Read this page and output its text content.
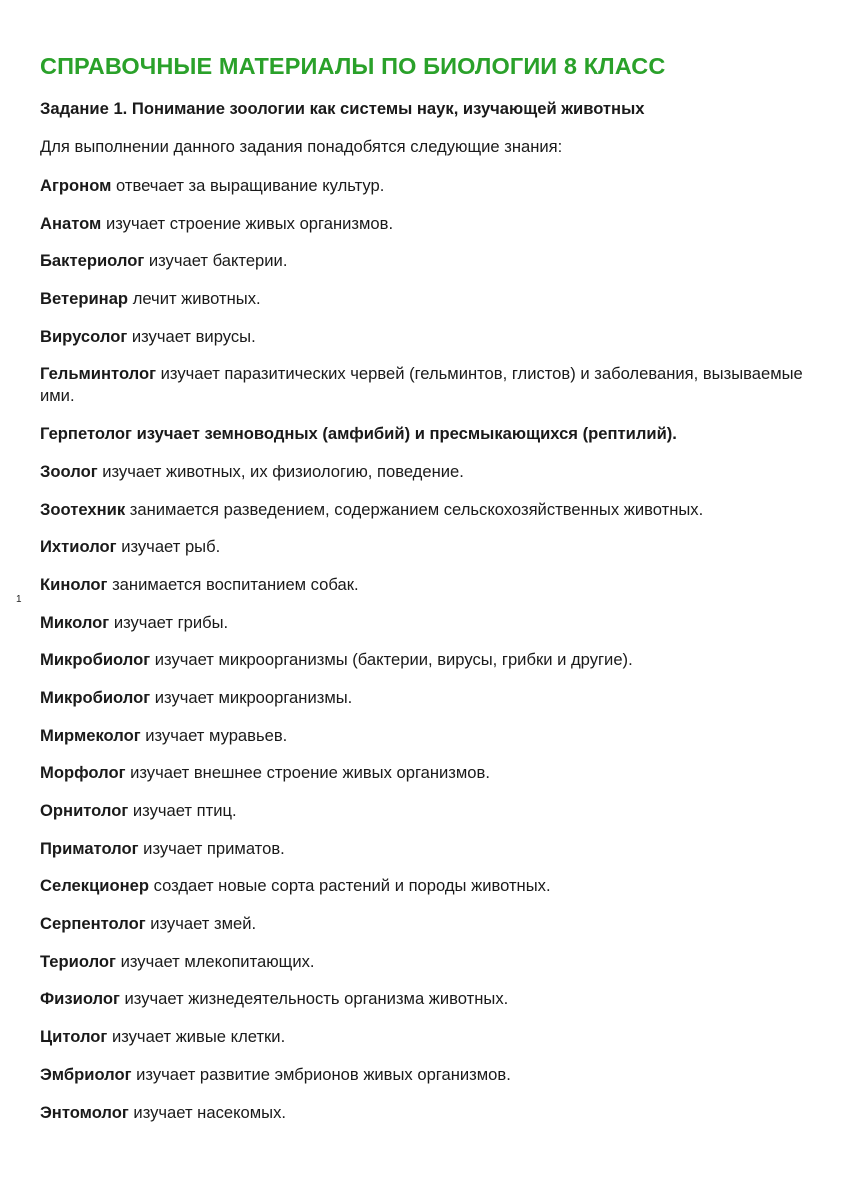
СПРАВОЧНЫЕ МАТЕРИАЛЫ ПО БИОЛОГИИ 8 КЛАСС
Задание 1. Понимание зоологии как системы наук, изучающей животных
Для выполнении данного задания понадобятся следующие знания:
1
Агроном отвечает за выращивание культур.
Анатом изучает строение живых организмов.
Бактериолог изучает бактерии.
Ветеринар лечит животных.
Вирусолог изучает вирусы.
Гельминтолог изучает паразитических червей (гельминтов, глистов) и заболевания, вызываемые ими.
Герпетолог изучает земноводных (амфибий) и пресмыкающихся (рептилий).
Зоолог изучает животных, их физиологию, поведение.
Зоотехник занимается разведением, содержанием сельскохозяйственных животных.
Ихтиолог изучает рыб.
Кинолог занимается воспитанием собак.
Миколог изучает грибы.
Микробиолог изучает микроорганизмы (бактерии, вирусы, грибки и другие).
Микробиолог изучает микроорганизмы.
Мирмеколог изучает муравьев.
Морфолог изучает внешнее строение живых организмов.
Орнитолог изучает птиц.
Приматолог изучает приматов.
Селекционер создает новые сорта растений и породы животных.
Серпентолог изучает змей.
Териолог изучает млекопитающих.
Физиолог изучает жизнедеятельность организма животных.
Цитолог изучает живые клетки.
Эмбриолог изучает развитие эмбрионов живых организмов.
Энтомолог изучает насекомых.
